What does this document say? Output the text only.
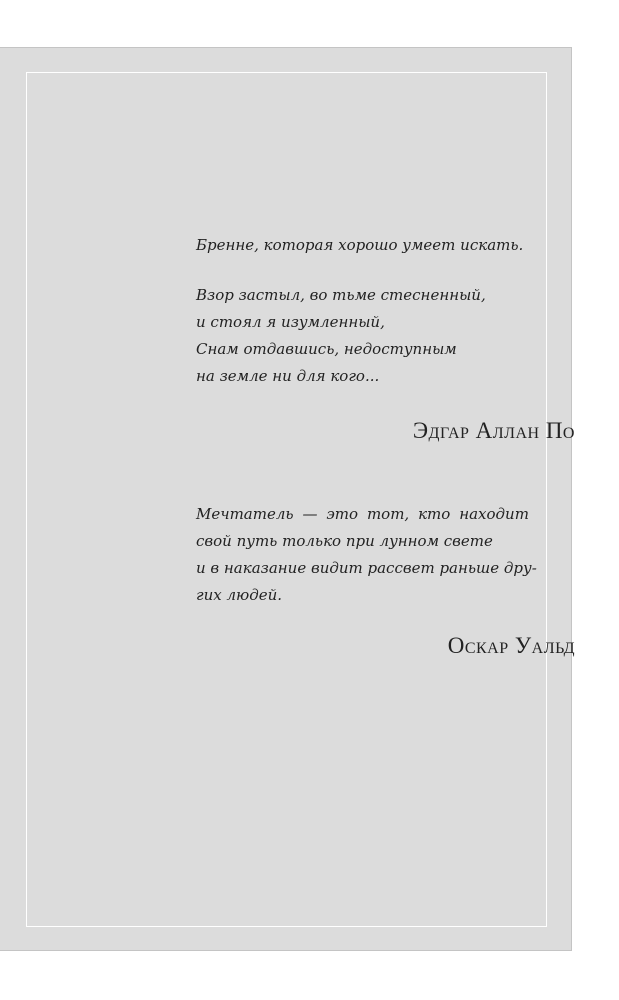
Бренне, которая хорошо умеет искать.

Взор застыл, во тьме стесненный,

и стоял я изумленный,

Снам отдавшись, недоступным

на земле ни для кого...

Эдгар Аллан По

Мечтатель — это тот, кто находит

свой путь только при лунном свете

и в наказание видит рассвет раньше дру-

гих людей.

Оскар Уальд
